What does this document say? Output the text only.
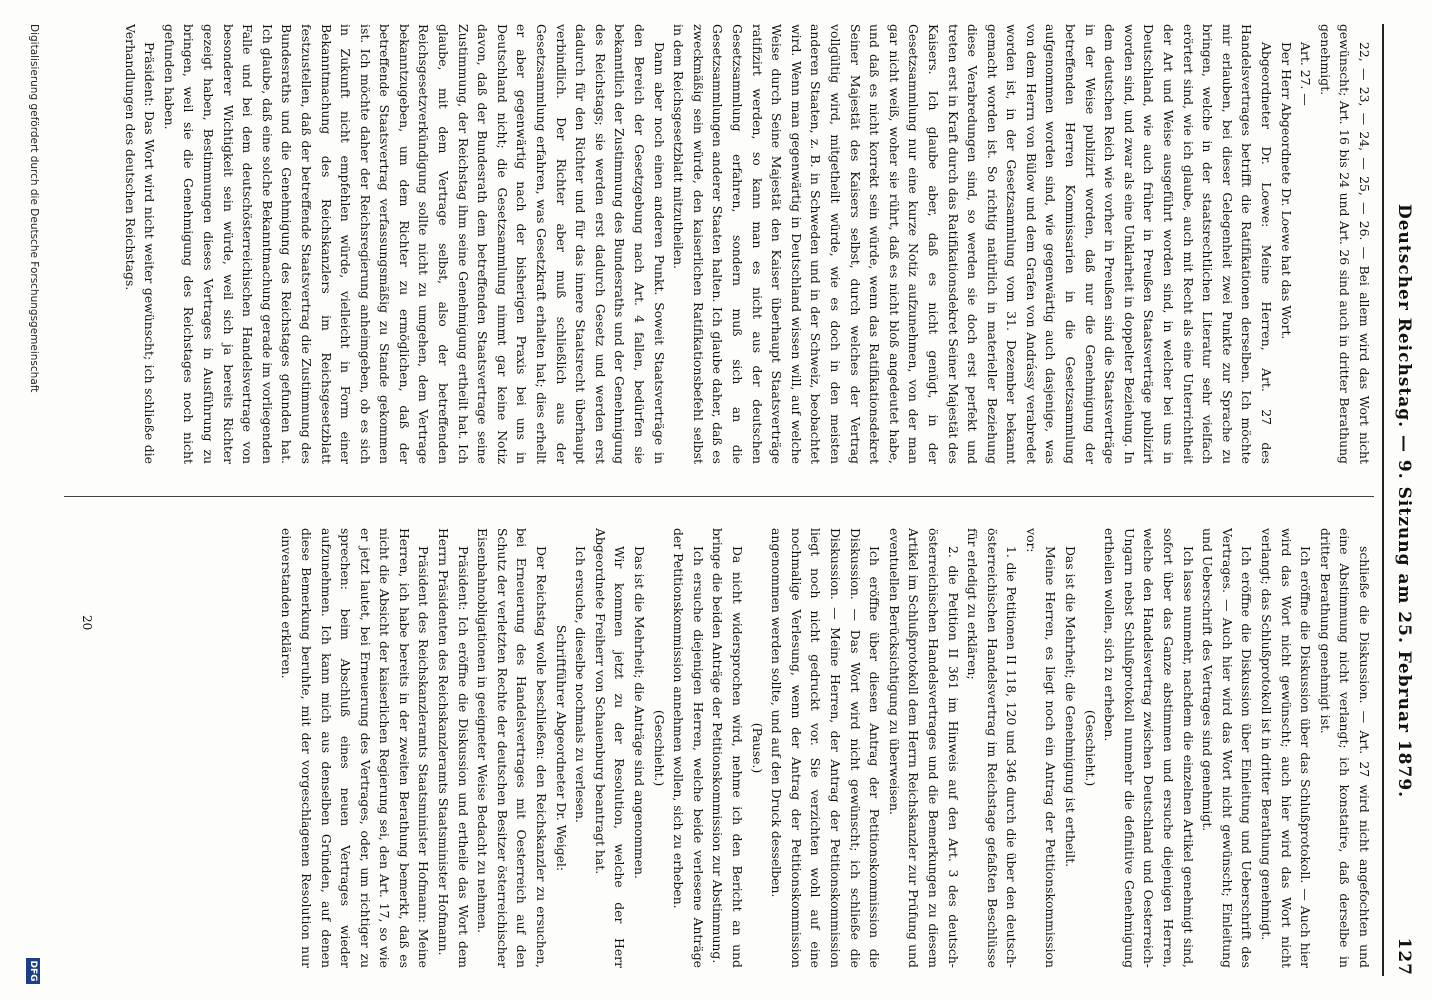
Deutscher Reichstag. — 9. Sitzung am 25. Februar 1879.
127

22, — 23, — 24, — 25, — 26. — Bei allem wird das Wort nicht gewünscht; Art. 16 bis 24 und Art. 26 sind auch in dritter Berathung genehmigt.

Art. 27. —

Der Herr Abgeordnete Dr. Loewe hat das Wort.

Abgeordneter Dr. Loewe: Meine Herren, Art. 27 des Handelsvertrages betrifft die Ratifikationen derselben. Ich möchte mir erlauben, bei dieser Gelegenheit zwei Punkte zur Sprache zu bringen, welche in der staatsrechtlichen Literatur sehr vielfach erörtert sind, wie ich glaube, auch mit Recht als eine Unterrichtheit der Art und Weise ausgeführt worden sind, in welcher bei uns in Deutschland, wie auch früher in Preußen Staatsverträge publizirt worden sind, und zwar als eine Unklarheit in doppelter Beziehung. In dem deutschen Reich wie vorher in Preußen sind die Staatsverträge in der Weise publizirt worden, daß nur die Genehmigung der betreffenden Herren Kommissarien in die Gesetzsammlung aufgenommen worden sind, wie gegenwärtig auch dasjenige, was von dem Herrn von Bülow und dem Grafen von Andrássy verabredet worden ist, in der Gesetzsammlung vom 31. Dezember bekannt gemacht worden ist. So richtig natürlich in materieller Beziehung diese Verabredungen sind, so werden sie doch erst perfekt und treten erst in Kraft durch das Ratifikationsdekret Seiner Majestät des Kaisers. Ich glaube aber, daß es nicht genügt, in der Gesetzsammlung nur eine kurze Notiz aufzunehmen, von der man gar nicht weiß, woher sie rührt, daß es nicht bloß angedeutet habe, und daß es nicht korrekt sein würde, wenn das Ratifikationsdekret Seiner Majestät des Kaisers selbst, durch welches der Vertrag vollgültig wird, mitgetheilt würde, wie es doch in den meisten anderen Staaten, z. B. in Schweden und in der Schweiz, beobachtet wird. Wenn man gegenwärtig in Deutschland wissen will, auf welche Weise durch Seine Majestät den Kaiser überhaupt Staatsverträge ratifizirt werden, so kann man es nicht aus der deutschen Gesetzsammlung erfahren, sondern muß sich an die Gesetzsammlungen anderer Staaten halten. Ich glaube daher, daß es zweckmäßig sein würde, den kaiserlichen Ratifikationsbefehl selbst in dem Reichsgesetzblatt mitzutheilen.

Dann aber noch einen anderen Punkt. Soweit Staatsverträge in den Bereich der Gesetzgebung nach Art. 4 fallen, bedürfen sie bekanntlich der Zustimmung des Bundesraths und der Genehmigung des Reichstags; sie werden erst dadurch Gesetz und werden erst dadurch für den Richter und für das innere Staatsrecht überhaupt verbindlich. Der Richter aber muß schließlich aus der Gesetzsammlung erfahren, was Gesetzkraft erhalten hat; dies erhellt er aber gegenwärtig nach der bisherigen Praxis bei uns in Deutschland nicht; die Gesetzsammlung nimmt gar keine Notiz davon, daß der Bundesrath dem betreffenden Staatsvertrage seine Zustimmung, der Reichstag ihm seine Genehmigung ertheilt hat. Ich glaube, mit dem Vertrage selbst, also der betreffenden Reichsgesetzverkündigung sollte nicht zu umgehen, dem Vertrage bekanntzugeben, um dem Richter zu ermöglichen, daß der betreffende Staatsvertrag verfassungsmäßig zu Stande gekommen ist. Ich möchte daher der Reichsregierung anheimgeben, ob es sich in Zukunft nicht empfehlen würde, vielleicht in Form einer Bekanntmachung des Reichskanzlers im Reichsgesetzblatt festzustellen, daß der betreffende Staatsvertrag die Zustimmung des Bundesraths und die Genehmigung des Reichstages gefunden hat. Ich glaube, daß eine solche Bekanntmachung gerade im vorliegenden Falle und bei dem deutschösterreichischen Handelsvertrage von besonderer Wichtigkeit sein würde, weil sich ja bereits Richter gezeigt haben, Bestimmungen dieses Vertrages in Ausführung zu bringen, weil sie die Genehmigung des Reichstages noch nicht gefunden haben.

Präsident: Das Wort wird nicht weiter gewünscht; ich schließe die Verhandlungen des deutschen Reichstags.

schließe die Diskussion. — Art. 27 wird nicht angefochten und eine Abstimmung nicht verlangt; ich konstatire, daß derselbe in dritter Berathung genehmigt ist.

Ich eröffne die Diskussion über das Schlußprotokoll. — Auch hier wird das Wort nicht gewünscht; auch hier wird das Wort nicht verlangt; das Schlußprotokoll ist in dritter Berathung genehmigt.

Ich eröffne die Diskussion über Einleitung und Ueberschrift des Vertrages. — Auch hier wird das Wort nicht gewünscht; Einleitung und Ueberschrift des Vertrages sind genehmigt.

Ich lasse nunmehr, nachdem die einzelnen Artikel genehmigt sind, sofort über das Ganze abstimmen und ersuche diejenigen Herren, welche den Handelsvertrag zwischen Deutschland und Oesterreich-Ungarn nebst Schlußprotokoll nunmehr die definitive Genehmigung ertheilen wollen, sich zu erheben.

(Geschieht.)

Das ist die Mehrheit; die Genehmigung ist ertheilt.

Meine Herren, es liegt noch ein Antrag der Petitionskommission vor:

1. die Petitionen II 118, 120 und 346 durch die über den deutsch-österreichischen Handelsvertrag im Reichstage gefaßten Beschlüsse für erledigt zu erklären;

2. die Petition II 361 im Hinweis auf den Art. 3 des deutsch-österreichischen Handelsvertrages und die Bemerkungen zu diesem Artikel im Schlußprotokoll dem Herrn Reichskanzler zur Prüfung und eventuellen Berücksichtigung zu überweisen.

Ich eröffne über diesen Antrag der Petitionskommission die Diskussion. — Das Wort wird nicht gewünscht; ich schließe die Diskussion. — Meine Herren, der Antrag der Petitionskommission liegt noch nicht gedruckt vor. Sie verzichten wohl auf eine nochmalige Verlesung, wenn der Antrag der Petitionskommission angenommen werden sollte, und auf den Druck desselben.

(Pause.)

Da nicht widersprochen wird, nehme ich den Bericht an und bringe die beiden Anträge der Petitionskommission zur Abstimmung.

Ich ersuche diejenigen Herren, welche beide verlesene Anträge der Petitionskommission annehmen wollen, sich zu erheben.

(Geschieht.)

Das ist die Mehrheit; die Anträge sind angenommen.

Wir kommen jetzt zu der Resolution, welche der Herr Abgeordnete Freiherr von Schauenburg beantragt hat.

Ich ersuche, dieselbe nochmals zu verlesen.

Schriftführer Abgeordneter Dr. Weigel:

Der Reichstag wolle beschließen: den Reichskanzler zu ersuchen, bei Erneuerung des Handelsvertrages mit Oesterreich auf den Schutz der verletzten Rechte der deutschen Besitzer österreichischer Eisenbahnobligationen in geeigneter Weise Bedacht zu nehmen.

Präsident: Ich eröffne die Diskussion und ertheile das Wort dem Herrn Präsidenten des Reichskanzleramts Staatsminister Hofmann.

Präsident des Reichskanzleramts Staatsminister Hofmann: Meine Herren, ich habe bereits in der zweiten Berathung bemerkt, daß es nicht die Absicht der kaiserlichen Regierung sei, den Art. 17, so wie er jetzt lautet, bei Erneuerung des Vertrages, oder, um richtiger zu sprechen: beim Abschluß eines neuen Vertrages wieder aufzunehmen. Ich kann mich aus denselben Gründen, auf denen diese Bemerkung beruhte, mit der vorgeschlagenen Resolution nur einverstanden erklären.

20
Digitalisierung gefördert durch die Deutsche Forschungsgemeinschaft
DFG
